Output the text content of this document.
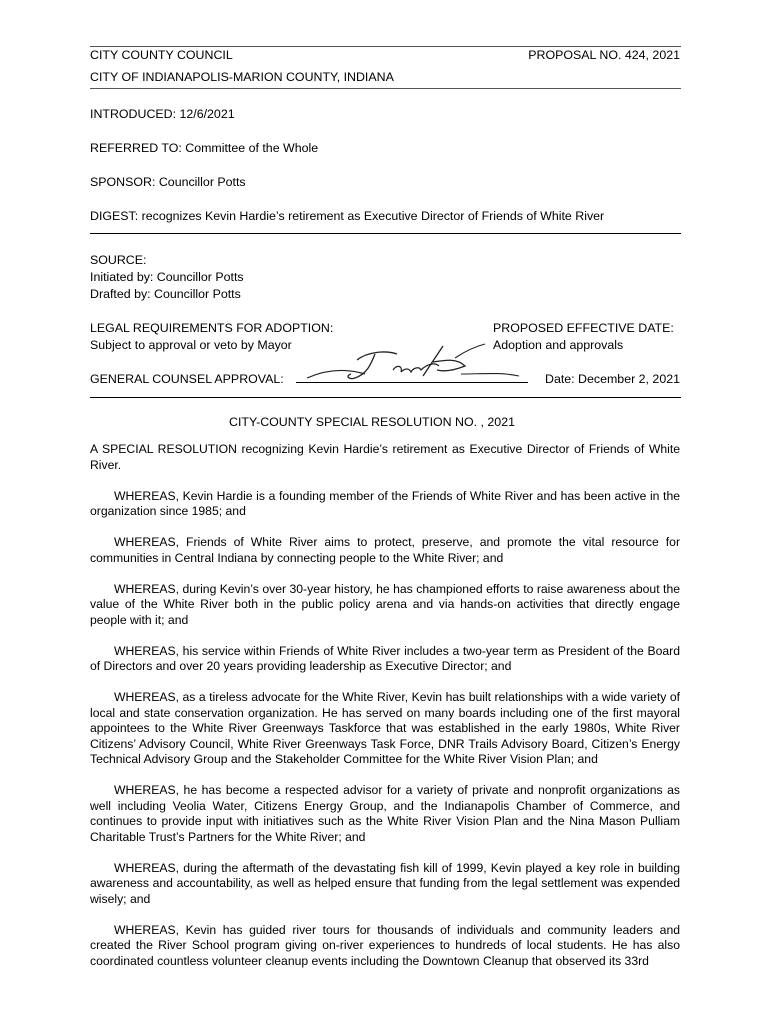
CITY COUNTY COUNCIL	PROPOSAL NO. 424, 2021
CITY OF INDIANAPOLIS-MARION COUNTY, INDIANA
INTRODUCED: 12/6/2021
REFERRED TO: Committee of the Whole
SPONSOR: Councillor Potts
DIGEST: recognizes Kevin Hardie’s retirement as Executive Director of Friends of White River
SOURCE:
Initiated by: Councillor Potts
Drafted by: Councillor Potts
LEGAL REQUIREMENTS FOR ADOPTION:
Subject to approval or veto by Mayor
PROPOSED EFFECTIVE DATE:
Adoption and approvals
GENERAL COUNSEL APPROVAL:	Date: December 2, 2021
CITY-COUNTY SPECIAL RESOLUTION NO. , 2021

A SPECIAL RESOLUTION recognizing Kevin Hardie’s retirement as Executive Director of Friends of White River.

WHEREAS, Kevin Hardie is a founding member of the Friends of White River and has been active in the organization since 1985; and

WHEREAS, Friends of White River aims to protect, preserve, and promote the vital resource for communities in Central Indiana by connecting people to the White River; and

WHEREAS, during Kevin’s over 30-year history, he has championed efforts to raise awareness about the value of the White River both in the public policy arena and via hands-on activities that directly engage people with it; and

WHEREAS, his service within Friends of White River includes a two-year term as President of the Board of Directors and over 20 years providing leadership as Executive Director; and

WHEREAS, as a tireless advocate for the White River, Kevin has built relationships with a wide variety of local and state conservation organization. He has served on many boards including one of the first mayoral appointees to the White River Greenways Taskforce that was established in the early 1980s, White River Citizens’ Advisory Council, White River Greenways Task Force, DNR Trails Advisory Board, Citizen’s Energy Technical Advisory Group and the Stakeholder Committee for the White River Vision Plan; and

WHEREAS, he has become a respected advisor for a variety of private and nonprofit organizations as well including Veolia Water, Citizens Energy Group, and the Indianapolis Chamber of Commerce, and continues to provide input with initiatives such as the White River Vision Plan and the Nina Mason Pulliam Charitable Trust’s Partners for the White River; and

WHEREAS, during the aftermath of the devastating fish kill of 1999, Kevin played a key role in building awareness and accountability, as well as helped ensure that funding from the legal settlement was expended wisely; and

WHEREAS, Kevin has guided river tours for thousands of individuals and community leaders and created the River School program giving on-river experiences to hundreds of local students. He has also coordinated countless volunteer cleanup events including the Downtown Cleanup that observed its 33rd
